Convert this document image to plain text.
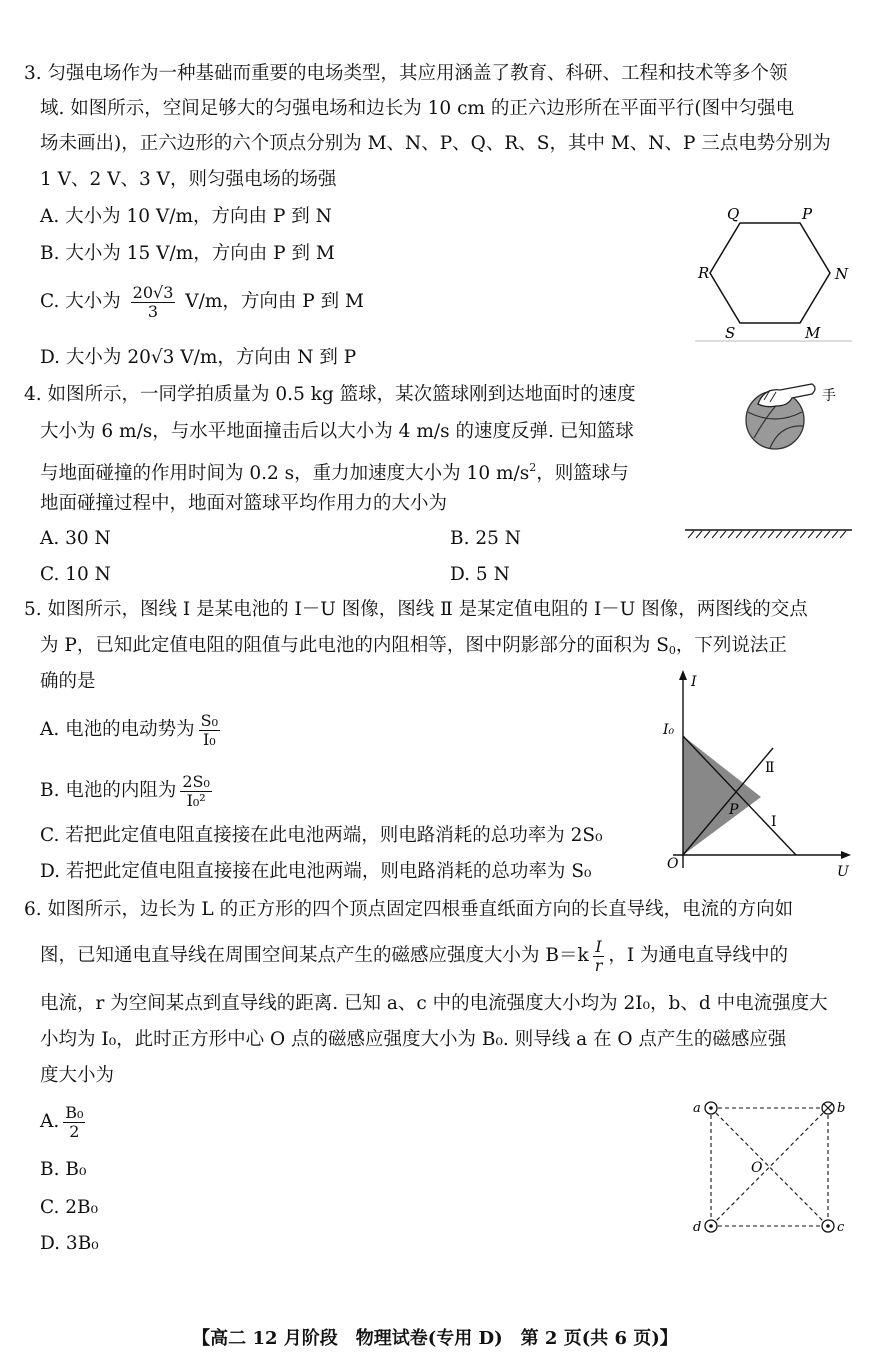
3. 匀强电场作为一种基础而重要的电场类型，其应用涵盖了教育、科研、工程和技术等多个领
域. 如图所示，空间足够大的匀强电场和边长为 10 cm 的正六边形所在平面平行(图中匀强电
场未画出)，正六边形的六个顶点分别为 M、N、P、Q、R、S，其中 M、N、P 三点电势分别为
1 V、2 V、3 V，则匀强电场的场强
A. 大小为 10 V/m，方向由 P 到 N
B. 大小为 15 V/m，方向由 P 到 M
C. 大小为 $\frac{20√3}{3} V/m$，方向由 P 到 M
D. 大小为 20√3 V/m，方向由 N 到 P
Q	P
R	N
S	M
4. 如图所示，一同学拍质量为 0.5 kg 篮球，某次篮球刚到达地面时的速度
大小为 6 m/s，与水平地面撞击后以大小为 4 m/s 的速度反弹. 已知篮球
与地面碰撞的作用时间为 0.2 s，重力加速度大小为 10 $m/s^2$，则篮球与
地面碰撞过程中，地面对篮球平均作用力的大小为
A. 30 N	B. 25 N
C. 10 N	D. 5 N
手
5. 如图所示，图线 Ⅰ 是某电池的 I－U 图像，图线 Ⅱ 是某定值电阻的 I－U 图像，两图线的交点
为 P，已知此定值电阻的阻值与此电池的内阻相等，图中阴影部分的面积为 $S_0$，下列说法正
确的是
A. 电池的电动势为 $\frac{\text{S₀}}{\text{I₀}}$
B. 电池的内阻为 $\frac{\text{2S₀}}{\text{I₀²}}$
C. 若把此定值电阻直接接在此电池两端，则电路消耗的总功率为 2S₀
D. 若把此定值电阻直接接在此电池两端，则电路消耗的总功率为 S₀
I
I₀
O	U
P
Ⅰ
Ⅱ
6. 如图所示，边长为 L 的正方形的四个顶点固定四根垂直纸面方向的长直导线，电流的方向如
图，已知通电直导线在周围空间某点产生的磁感应强度大小为 $B=k \frac{I}{r}$ ，I 为通电直导线中的
电流，r 为空间某点到直导线的距离. 已知 a、c 中的电流强度大小均为 2I₀，b、d 中电流强度大
小均为 I₀，此时正方形中心 O 点的磁感应强度大小为 B₀. 则导线 a 在 O 点产生的磁感应强
度大小为
A. $\frac{\text{B₀}}{2}$
B. B₀
C. 2B₀
D. 3B₀
a	b
c
d
O
【高二 12 月阶段　物理试卷(专用 D)　第 2 页(共 6 页)】
